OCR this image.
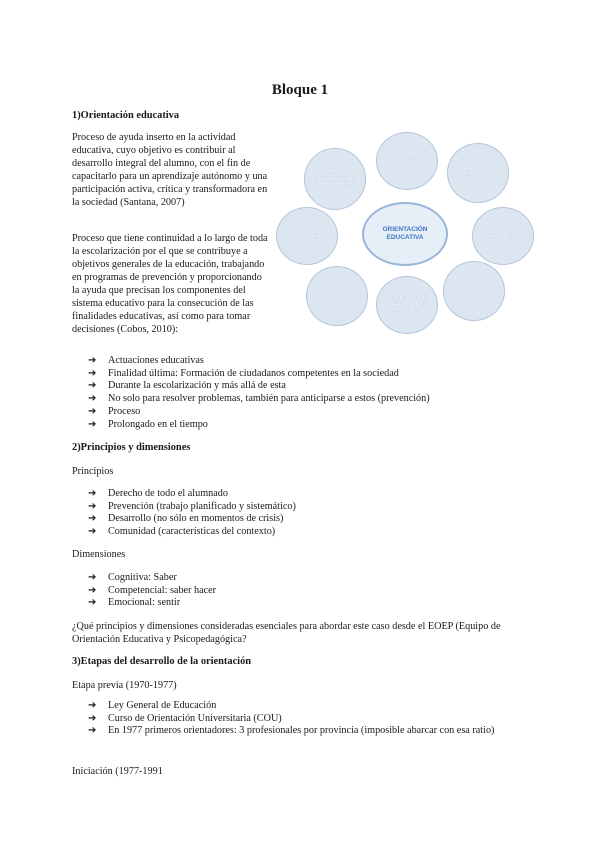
Bloque 1
1)Orientación educativa
Proceso de ayuda inserto en la actividad educativa, cuyo objetivo es contribuir al desarrollo integral del alumno, con el fin de capacitarlo para un aprendizaje autónomo y una participación activa, crítica y transformadora en la sociedad (Santana, 2007)
Proceso que tiene continuidad a lo largo de toda la escolarización por el que se contribuye a objetivos generales de la educación, trabajando en programas de prevención y proporcionando la ayuda que precisan los componentes del sistema educativo para la consecución de las finalidades educativas, así como para tomar decisiones (Cobos, 2010):
Integrada en el proceso educativo
Proceso
Para toma de decisiones
Continuidad
ORIENTACIÓN EDUCATIVA	Prevención
Ayuda	Contribuye a los objetivos de la educación
Desarrollo
➔ Actuaciones educativas
➔ Finalidad última: Formación de ciudadanos competentes en la sociedad
➔ Durante la escolarización y más allá de esta
➔ No solo para resolver problemas, también para anticiparse a estos (prevención)
➔ Proceso
➔ Prolongado en el tiempo
2)Principios y dimensiones
Principios
➔ Derecho de todo el alumnado
➔ Prevención (trabajo planificado y sistemático)
➔ Desarrollo (no sólo en momentos de crisis)
➔ Comunidad (características del contexto)
Dimensiones
➔ Cognitiva: Saber
➔ Competencial: saber hacer
➔ Emocional: sentir
¿Qué principios y dimensiones consideradas esenciales para abordar este caso desde el EOEP (Equipo de Orientación Educativa y Psicopedagógica?
3)Etapas del desarrollo de la orientación
Etapa previa (1970-1977)
➔ Ley General de Educación
➔ Curso de Orientación Universitaria (COU)
➔ En 1977 primeros orientadores: 3 profesionales por provincia (imposible abarcar con esa ratio)
Iniciación (1977-1991
